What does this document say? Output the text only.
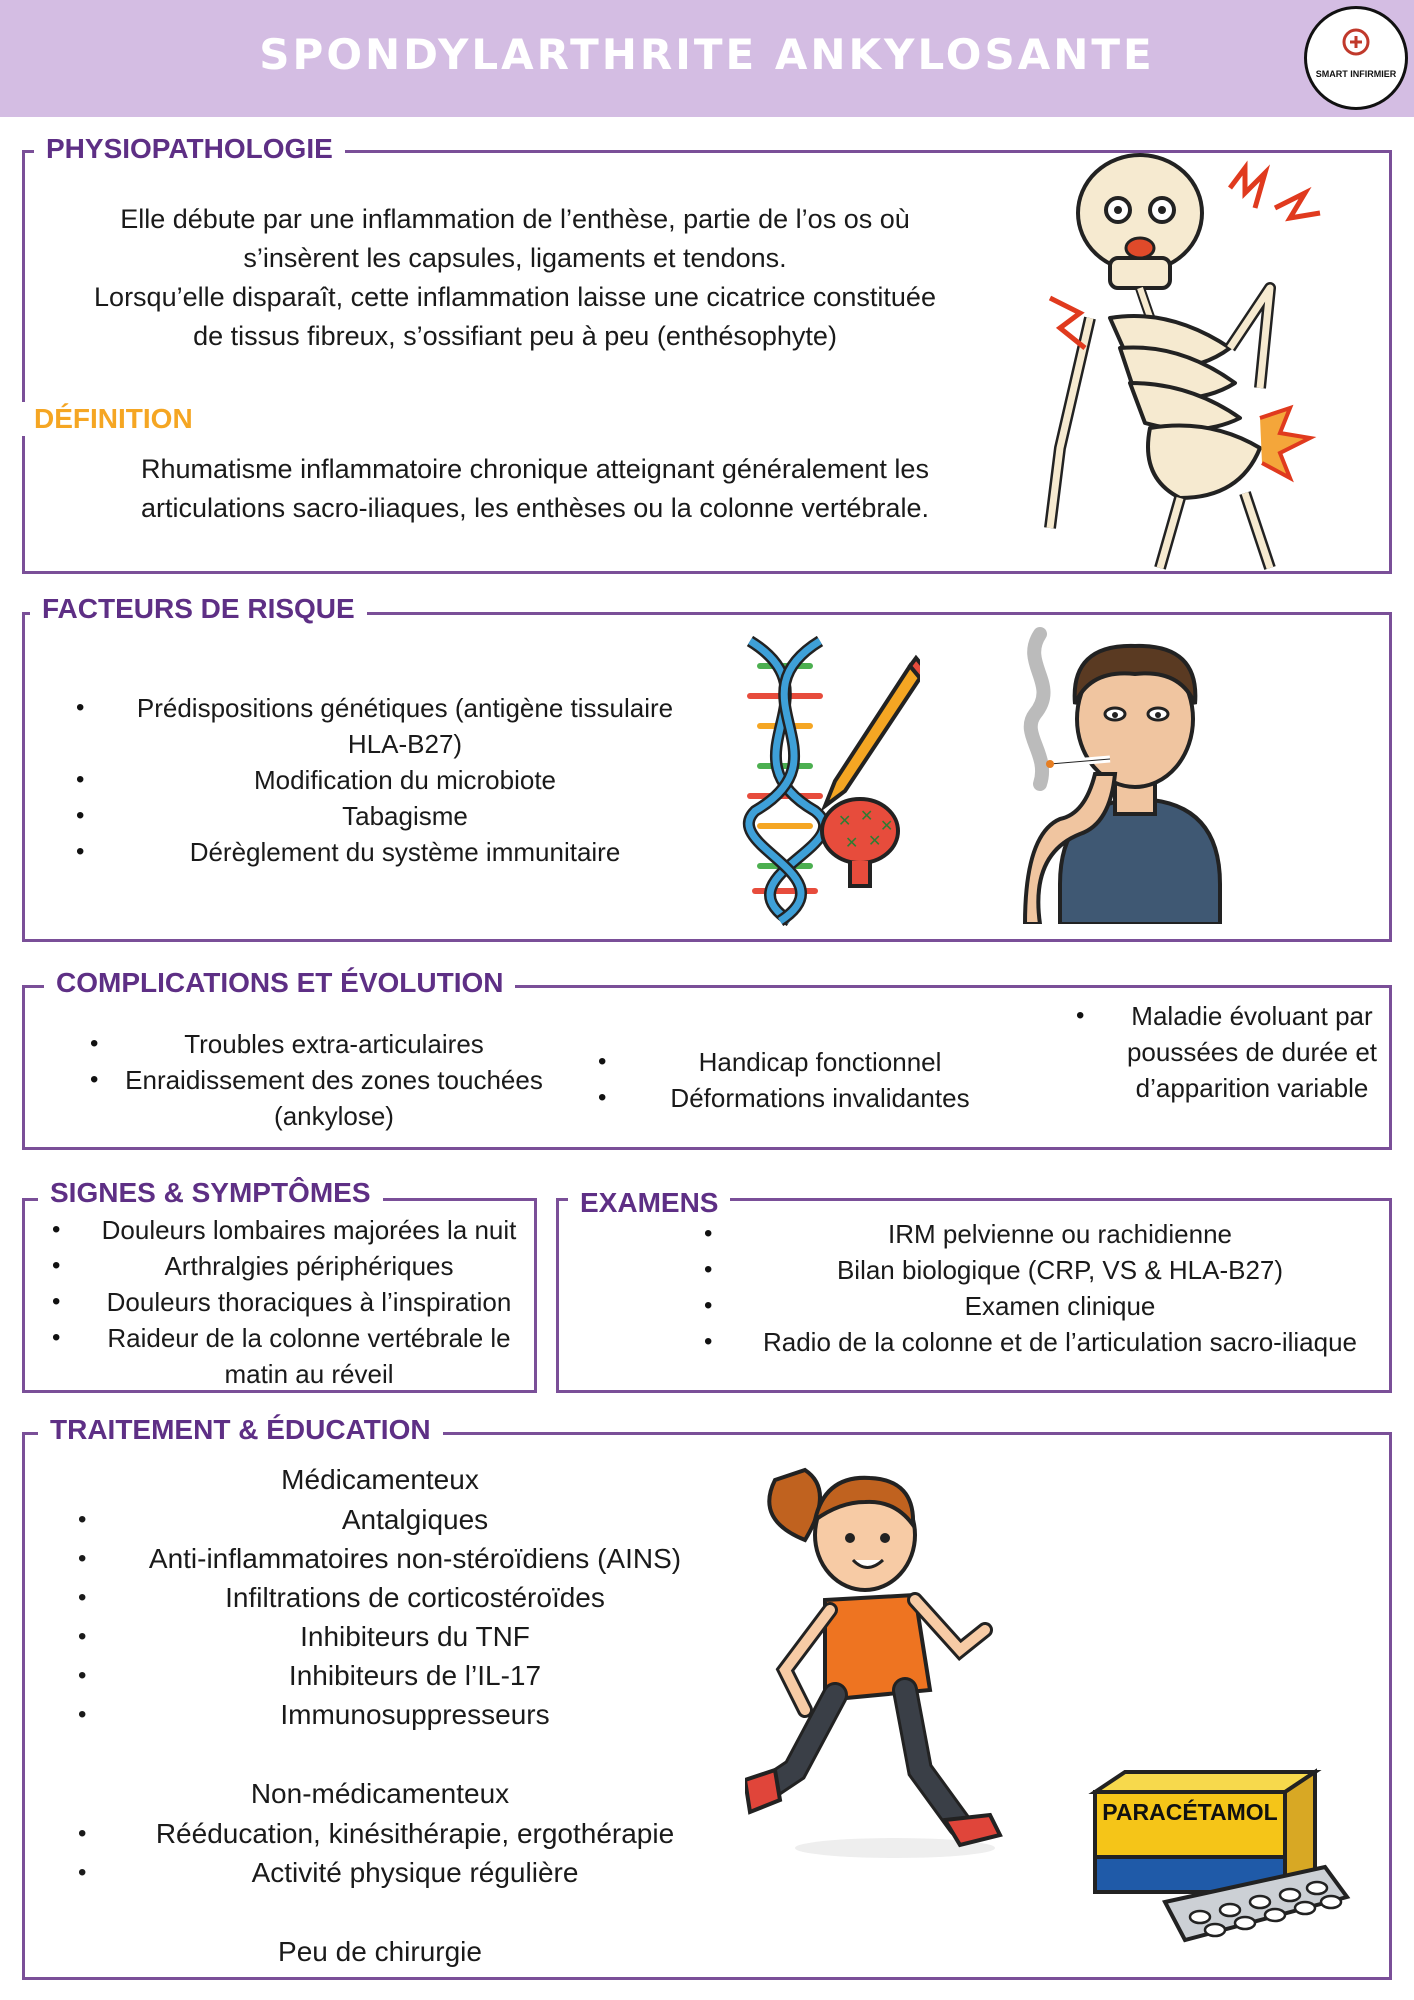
SPONDYLARTHRITE ANKYLOSANTE	SMART INFIRMIER
PHYSIOPATHOLOGIE
Elle débute par une inflammation de l’enthèse, partie de l’os os où
s’insèrent les capsules, ligaments et tendons.
Lorsqu’elle disparaît, cette inflammation laisse une cicatrice constituée
de tissus fibreux, s’ossifiant peu à peu (enthésophyte)
DÉFINITION
Rhumatisme inflammatoire chronique atteignant généralement les
articulations sacro-iliaques, les enthèses ou la colonne vertébrale.
FACTEURS DE RISQUE
• Prédispositions génétiques (antigène tissulaire HLA-B27)
• Modification du microbiote
• Tabagisme
• Dérèglement du système immunitaire
✕ ✕
✕
✕ ✕
COMPLICATIONS ET ÉVOLUTION
• Troubles extra-articulaires
• Enraidissement des zones touchées (ankylose)
• Handicap fonctionnel
• Déformations invalidantes
• Maladie évoluant par poussées de durée et d’apparition variable
SIGNES & SYMPTÔMES
• Douleurs lombaires majorées la nuit
• Arthralgies périphériques
• Douleurs thoraciques à l’inspiration
• Raideur de la colonne vertébrale le matin au réveil
EXAMENS
• IRM pelvienne ou rachidienne
• Bilan biologique (CRP, VS & HLA-B27)
• Examen clinique
• Radio de la colonne et de l’articulation sacro-iliaque
TRAITEMENT & ÉDUCATION
Médicamenteux
• Antalgiques
• Anti-inflammatoires non-stéroïdiens (AINS)
• Infiltrations de corticostéroïdes
• Inhibiteurs du TNF
• Inhibiteurs de l’IL-17
• Immunosuppresseurs
Non-médicamenteux
• Rééducation, kinésithérapie, ergothérapie
• Activité physique régulière
Peu de chirurgie
PARACÉTAMOL
